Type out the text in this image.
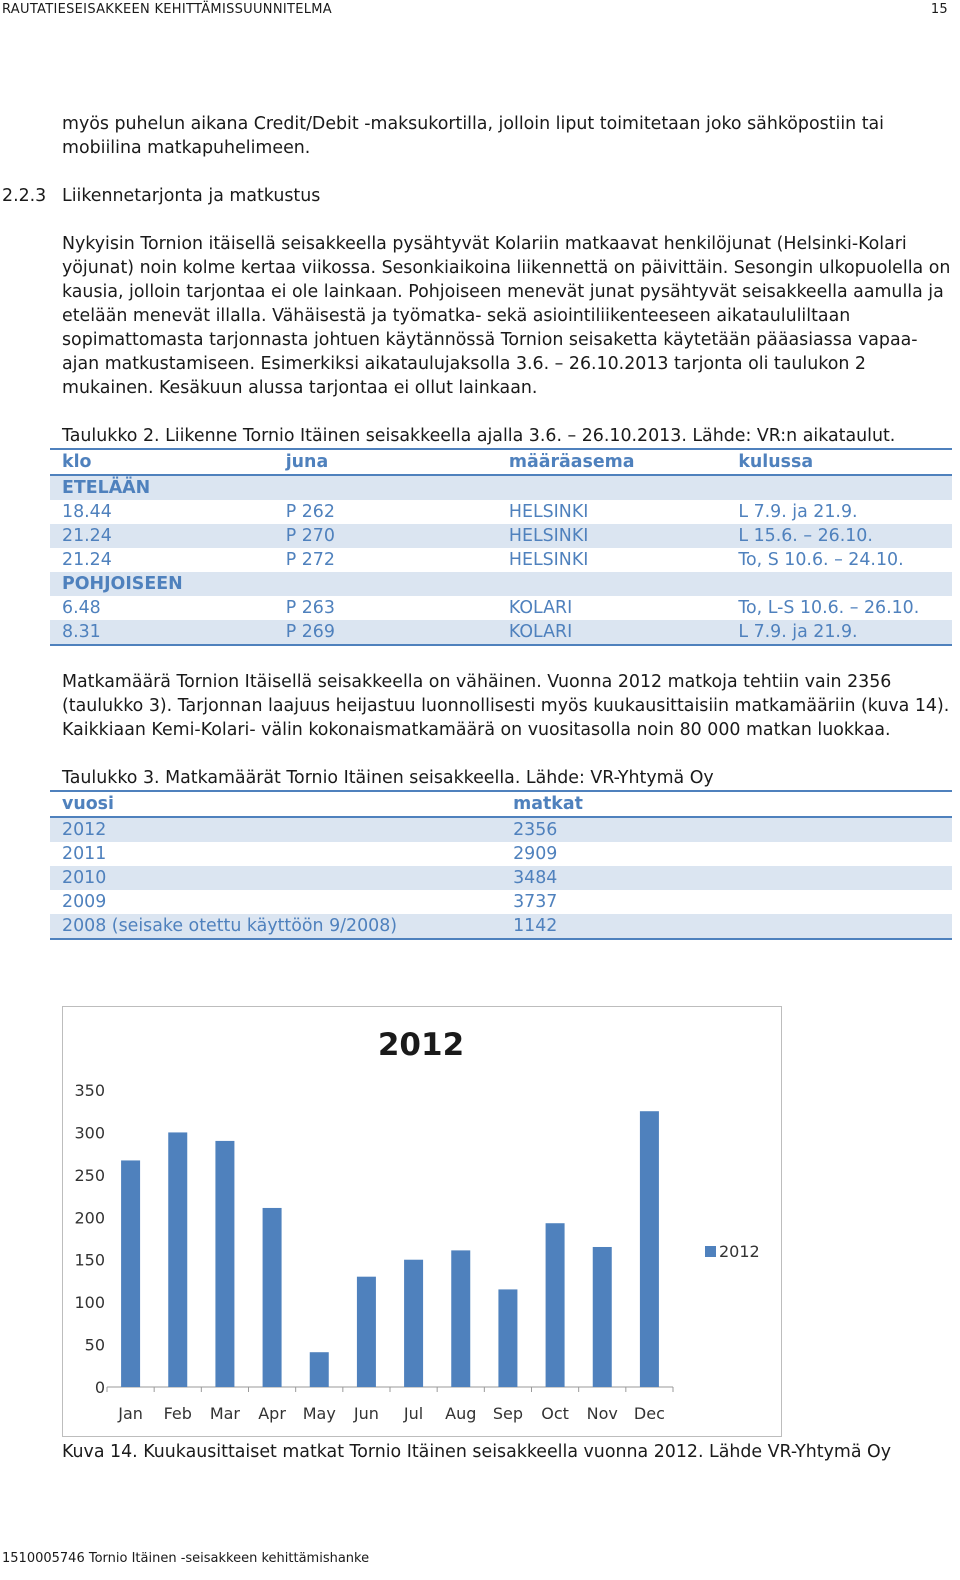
RAUTATIESEISAKKEEN KEHITTÄMISSUUNNITELMA	15

myös puhelun aikana Credit/Debit -maksukortilla, jolloin liput toimitetaan joko sähköpostiin tai mobiilina matkapuhelimeen.

2.2.3 Liikennetarjonta ja matkustus

Nykyisin Tornion itäisellä seisakkeella pysähtyvät Kolariin matkaavat henkilöjunat (Helsinki-Kolari yöjunat) noin kolme kertaa viikossa. Sesonkiaikoina liikennettä on päivittäin. Sesongin ulkopuolella on kausia, jolloin tarjontaa ei ole lainkaan. Pohjoiseen menevät junat pysähtyvät seisakkeella aamulla ja etelään menevät illalla. Vähäisestä ja työmatka- sekä asiointiliikenteeseen aikataululiltaan sopimattomasta tarjonnasta johtuen käytännössä Tornion seisaketta käytetään pääasiassa vapaa-ajan matkustamiseen. Esimerkiksi aikataulujaksolla 3.6. – 26.10.2013 tarjonta oli taulukon 2 mukainen. Kesäkuun alussa tarjontaa ei ollut lainkaan.

Taulukko 2. Liikenne Tornio Itäinen seisakkeella ajalla 3.6. – 26.10.2013. Lähde: VR:n aikataulut.

klo	juna	määräasema	kulussa
ETELÄÄN			
18.44	P 262	HELSINKI	L 7.9. ja 21.9.
21.24	P 270	HELSINKI	L 15.6. – 26.10.
21.24	P 272	HELSINKI	To, S 10.6. – 24.10.
POHJOISEEN			
6.48	P 263	KOLARI	To, L-S 10.6. – 26.10.
8.31	P 269	KOLARI	L 7.9. ja 21.9.

Matkamäärä Tornion Itäisellä seisakkeella on vähäinen. Vuonna 2012 matkoja tehtiin vain 2356 (taulukko 3). Tarjonnan laajuus heijastuu luonnollisesti myös kuukausittaisiin matkamääriin (kuva 14). Kaikkiaan Kemi-Kolari- välin kokonaismatkamäärä on vuositasolla noin 80 000 matkan luokkaa.

Taulukko 3. Matkamäärät Tornio Itäinen seisakkeella. Lähde: VR-Yhtymä Oy

vuosi	matkat
2012	2356
2011	2909
2010	3484
2009	3737
2008 (seisake otettu käyttöön 9/2008)	1142
0
50
100
150
200
250
300
350
Jan Feb Mar Apr May Jun Jul Aug Sep Oct Nov Dec
2012
2012

Kuva 14. Kuukausittaiset matkat Tornio Itäinen seisakkeella vuonna 2012. Lähde VR-Yhtymä Oy

1510005746 Tornio Itäinen -seisakkeen kehittämishanke
